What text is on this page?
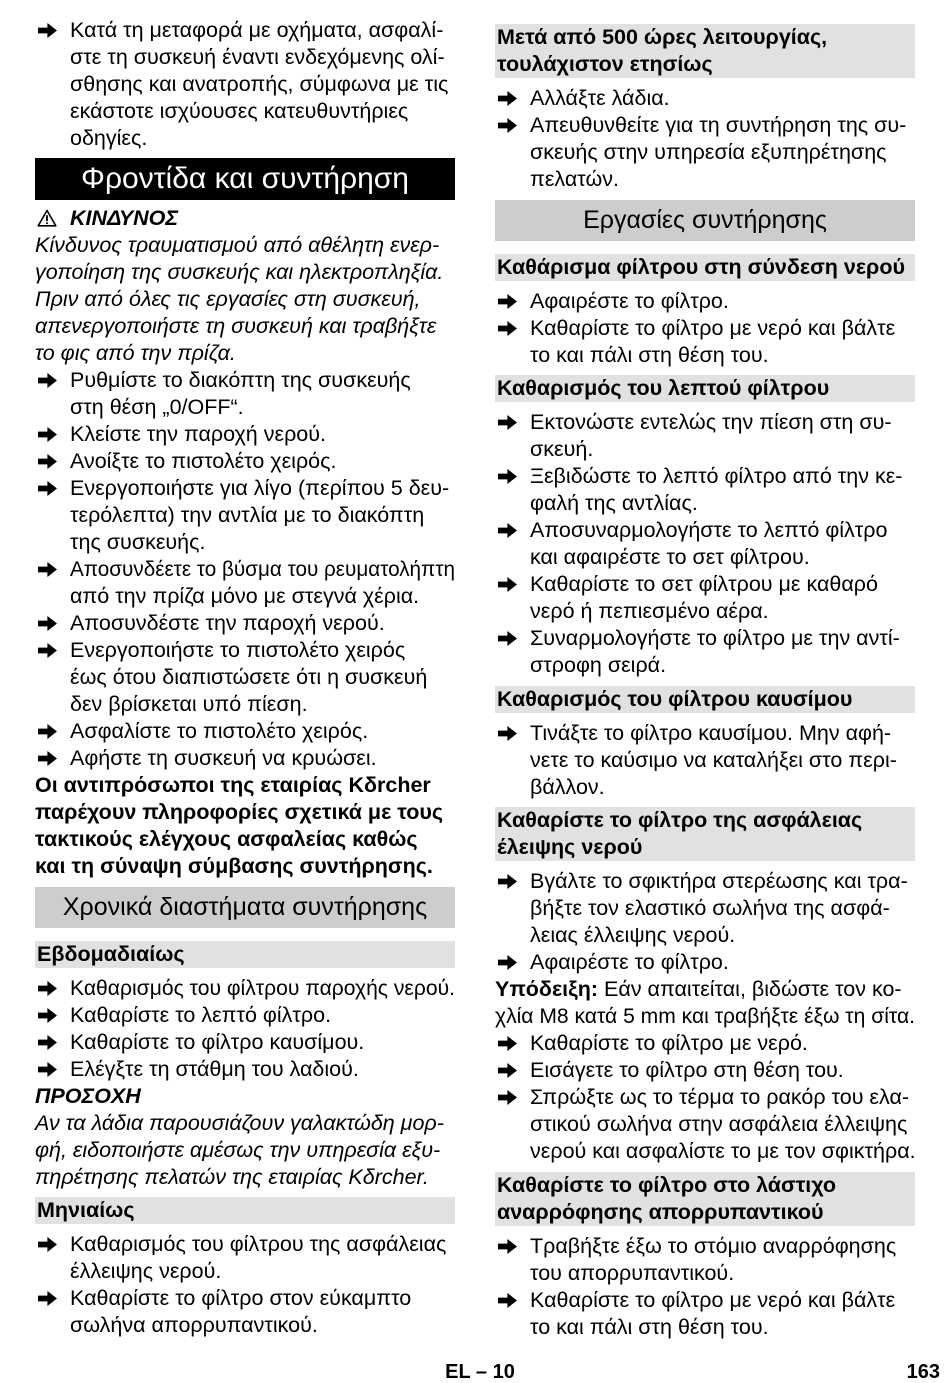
Κατά τη μεταφορά με οχήματα, ασφαλί-
στε τη συσκευή έναντι ενδεχόμενης ολί-
σθησης και ανατροπής, σύμφωνα με τις
εκάστοτε ισχύουσες κατευθυντήριες
οδηγίες.
Φροντίδα και συντήρηση
ΚΙΝΔΥΝΟΣ
Κίνδυνος τραυματισμού από αθέλητη ενερ-
γοποίηση της συσκευής και ηλεκτροπληξία.
Πριν από όλες τις εργασίες στη συσκευή,
απενεργοποιήστε τη συσκευή και τραβήξτε
το φις από την πρίζα.
Ρυθμίστε το διακόπτη της συσκευής
στη θέση „0/OFF“.
Κλείστε την παροχή νερού.
Ανοίξτε το πιστολέτο χειρός.
Ενεργοποιήστε για λίγο (περίπου 5 δευ-
τερόλεπτα) την αντλία με το διακόπτη
της συσκευής.
Αποσυνδέετε το βύσμα του ρευματολήπτη
από την πρίζα μόνο με στεγνά χέρια.
Αποσυνδέστε την παροχή νερού.
Ενεργοποιήστε το πιστολέτο χειρός
έως ότου διαπιστώσετε ότι η συσκευή
δεν βρίσκεται υπό πίεση.
Ασφαλίστε το πιστολέτο χειρός.
Αφήστε τη συσκευή να κρυώσει.
Οι αντιπρόσωποι της εταιρίας Kδrcher
παρέχουν πληροφορίες σχετικά με τους
τακτικούς ελέγχους ασφαλείας καθώς
και τη σύναψη σύμβασης συντήρησης.
Χρονικά διαστήματα συντήρησης
Εβδομαδιαίως
Καθαρισμός του φίλτρου παροχής νερού.
Καθαρίστε το λεπτό φίλτρο.
Καθαρίστε το φίλτρο καυσίμου.
Ελέγξτε τη στάθμη του λαδιού.
ΠΡΟΣΟΧΗ
Αν τα λάδια παρουσιάζουν γαλακτώδη μορ-
φή, ειδοποιήστε αμέσως την υπηρεσία εξυ-
πηρέτησης πελατών της εταιρίας Kδrcher.
Μηνιαίως
Καθαρισμός του φίλτρου της ασφάλειας
έλλειψης νερού.
Καθαρίστε το φίλτρο στον εύκαμπτο
σωλήνα απορρυπαντικού.
Μετά από 500 ώρες λειτουργίας,
τουλάχιστον ετησίως
Αλλάξτε λάδια.
Απευθυνθείτε για τη συντήρηση της συ-
σκευής στην υπηρεσία εξυπηρέτησης
πελατών.
Εργασίες συντήρησης
Καθάρισμα φίλτρου στη σύνδεση νερού
Αφαιρέστε το φίλτρο.
Καθαρίστε το φίλτρο με νερό και βάλτε
το και πάλι στη θέση του.
Καθαρισμός του λεπτού φίλτρου
Εκτονώστε εντελώς την πίεση στη συ-
σκευή.
Ξεβιδώστε το λεπτό φίλτρο από την κε-
φαλή της αντλίας.
Αποσυναρμολογήστε το λεπτό φίλτρο
και αφαιρέστε το σετ φίλτρου.
Καθαρίστε το σετ φίλτρου με καθαρό
νερό ή πεπιεσμένο αέρα.
Συναρμολογήστε το φίλτρο με την αντί-
στροφη σειρά.
Καθαρισμός του φίλτρου καυσίμου
Τινάξτε το φίλτρο καυσίμου. Μην αφή-
νετε το καύσιμο να καταλήξει στο περι-
βάλλον.
Καθαρίστε το φίλτρο της ασφάλειας
έλειψης νερού
Βγάλτε το σφικτήρα στερέωσης και τρα-
βήξτε τον ελαστικό σωλήνα της ασφά-
λειας έλλειψης νερού.
Αφαιρέστε το φίλτρο.
Υπόδειξη: Εάν απαιτείται, βιδώστε τον κο-
χλία M8 κατά 5 mm και τραβήξτε έξω τη σίτα.
Καθαρίστε το φίλτρο με νερό.
Εισάγετε το φίλτρο στη θέση του.
Σπρώξτε ως το τέρμα το ρακόρ του ελα-
στικού σωλήνα στην ασφάλεια έλλειψης
νερού και ασφαλίστε το με τον σφικτήρα.
Καθαρίστε το φίλτρο στο λάστιχο
αναρρόφησης απορρυπαντικού
Τραβήξτε έξω το στόμιο αναρρόφησης
του απορρυπαντικού.
Καθαρίστε το φίλτρο με νερό και βάλτε
το και πάλι στη θέση του.
EL – 10	163
